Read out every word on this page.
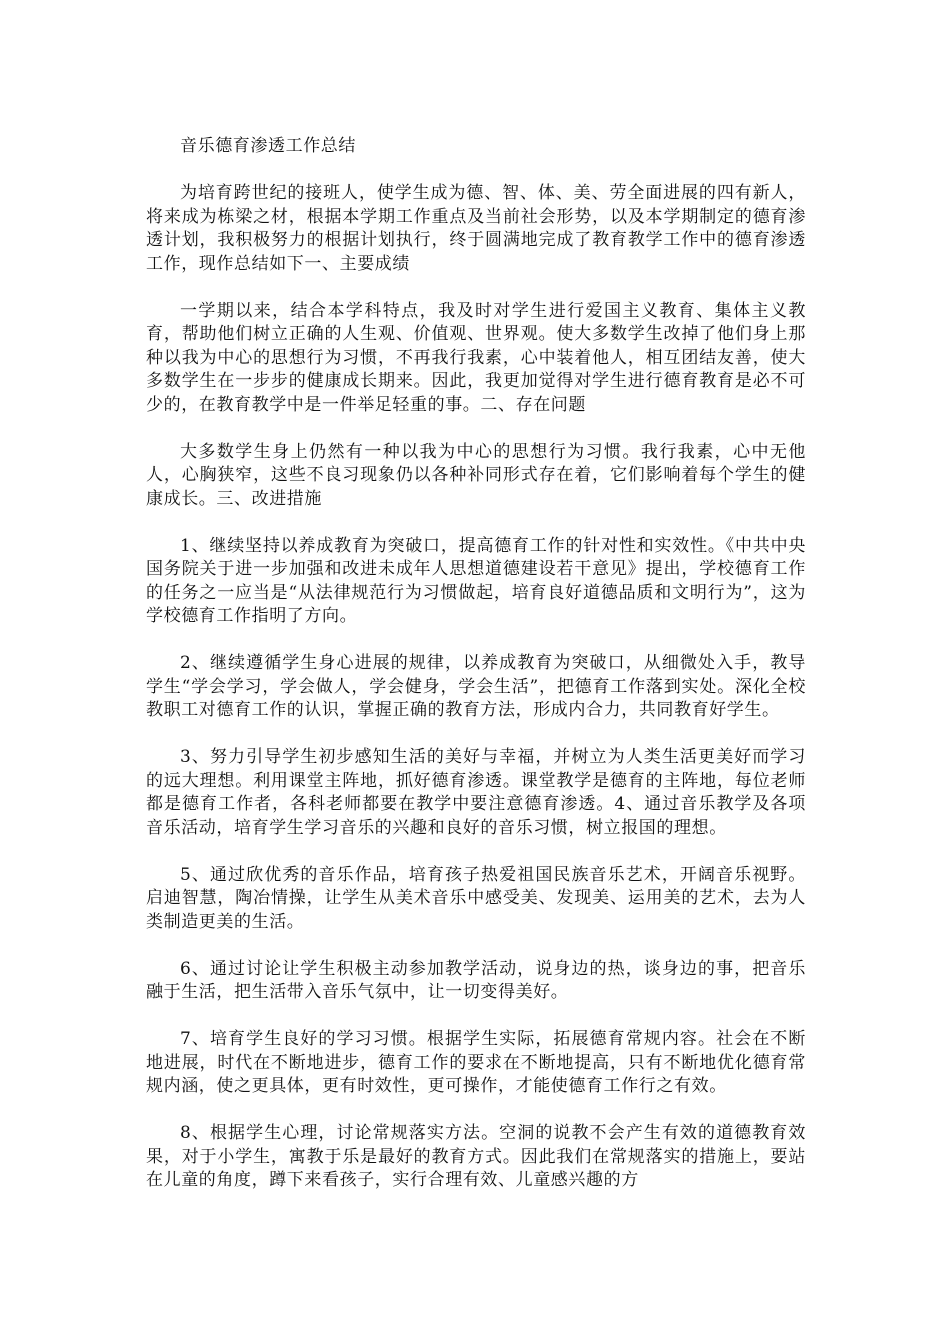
音乐德育渗透工作总结

为培育跨世纪的接班人，使学生成为德、智、体、美、劳全面进展的四有新人，将来成为栋梁之材，根据本学期工作重点及当前社会形势，以及本学期制定的德育渗透计划，我积极努力的根据计划执行，终于圆满地完成了教育教学工作中的德育渗透工作，现作总结如下一、主要成绩

一学期以来，结合本学科特点，我及时对学生进行爱国主义教育、集体主义教育，帮助他们树立正确的人生观、价值观、世界观。使大多数学生改掉了他们身上那种以我为中心的思想行为习惯，不再我行我素，心中装着他人，相互团结友善，使大多数学生在一步步的健康成长期来。因此，我更加觉得对学生进行德育教育是必不可少的，在教育教学中是一件举足轻重的事。二、存在问题

大多数学生身上仍然有一种以我为中心的思想行为习惯。我行我素，心中无他人，心胸狭窄，这些不良习现象仍以各种补同形式存在着，它们影响着每个学生的健康成长。三、改进措施

1、继续坚持以养成教育为突破口，提高德育工作的针对性和实效性。《中共中央国务院关于进一步加强和改进未成年人思想道德建设若干意见》提出，学校德育工作的任务之一应当是“从法律规范行为习惯做起，培育良好道德品质和文明行为”，这为学校德育工作指明了方向。

2、继续遵循学生身心进展的规律，以养成教育为突破口，从细微处入手，教导学生“学会学习，学会做人，学会健身，学会生活”，把德育工作落到实处。深化全校教职工对德育工作的认识，掌握正确的教育方法，形成内合力，共同教育好学生。

3、努力引导学生初步感知生活的美好与幸福，并树立为人类生活更美好而学习的远大理想。利用课堂主阵地，抓好德育渗透。课堂教学是德育的主阵地，每位老师都是德育工作者，各科老师都要在教学中要注意德育渗透。4、通过音乐教学及各项音乐活动，培育学生学习音乐的兴趣和良好的音乐习惯，树立报国的理想。

5、通过欣优秀的音乐作品，培育孩子热爱祖国民族音乐艺术，开阔音乐视野。启迪智慧，陶冶情操，让学生从美术音乐中感受美、发现美、运用美的艺术，去为人类制造更美的生活。

6、通过讨论让学生积极主动参加教学活动，说身边的热，谈身边的事，把音乐融于生活，把生活带入音乐气氛中，让一切变得美好。

7、培育学生良好的学习习惯。根据学生实际，拓展德育常规内容。社会在不断地进展，时代在不断地进步，德育工作的要求在不断地提高，只有不断地优化德育常规内涵，使之更具体，更有时效性，更可操作，才能使德育工作行之有效。

8、根据学生心理，讨论常规落实方法。空洞的说教不会产生有效的道德教育效果，对于小学生，寓教于乐是最好的教育方式。因此我们在常规落实的措施上，要站在儿童的角度，蹲下来看孩子，实行合理有效、儿童感兴趣的方
